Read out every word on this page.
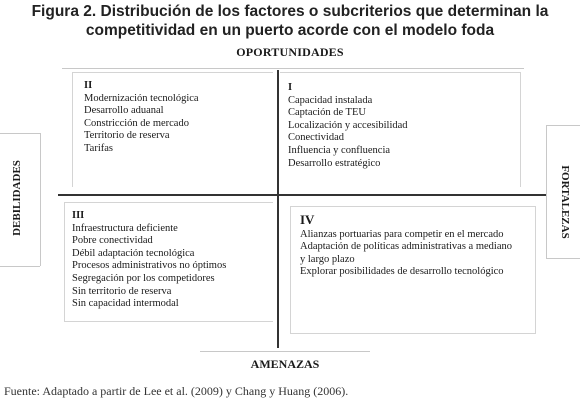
Figura 2. Distribución de los factores o subcriterios que determinan la
competitividad en un puerto acorde con el modelo foda
OPORTUNIDADES
DEBILIDADES	FORTALEZAS
II
Modernización tecnológica
Desarrollo aduanal
Constricción de mercado
Territorio de reserva
Tarifas
I
Capacidad instalada
Captación de TEU
Localización y accesibilidad
Conectividad
Influencia y confluencia
Desarrollo estratégico
III
Infraestructura deficiente
Pobre conectividad
Débil adaptación tecnológica
Procesos administrativos no óptimos
Segregación por los competidores
Sin territorio de reserva
Sin capacidad intermodal
IV
Alianzas portuarias para competir en el mercado
Adaptación de políticas administrativas a mediano
y largo plazo
Explorar posibilidades de desarrollo tecnológico
AMENAZAS
Fuente: Adaptado a partir de Lee et al. (2009) y Chang y Huang (2006).
